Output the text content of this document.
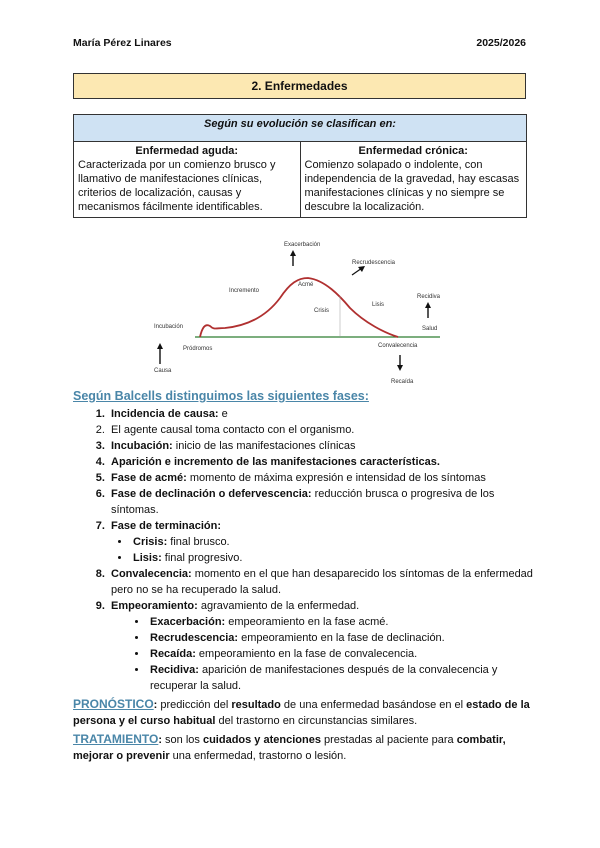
María Pérez Linares	2025/2026
2. Enfermedades
Según su evolución se clasifican en:

Enfermedad aguda:
Caracterizada por un comienzo brusco y llamativo de manifestaciones clínicas, criterios de localización, causas y mecanismos fácilmente identificables.	
Enfermedad crónica:
Comienzo solapado o indolente, con independencia de la gravedad, hay escasas manifestaciones clínicas y no siempre se descubre la localización.
Exacerbación
Recrudescencia
Incremento
Acmé
Crisis
Lisis
Recidiva
Salud
Incubación
Pródromos	Convalecencia
Causa
Recaída
Según Balcells distinguimos las siguientes fases:
1. Incidencia de causa: e
2. El agente causal toma contacto con el organismo.
3. Incubación: inicio de las manifestaciones clínicas
4. Aparición e incremento de las manifestaciones características.
5. Fase de acmé: momento de máxima expresión e intensidad de los síntomas
6. Fase de declinación o defervescencia: reducción brusca o progresiva de los síntomas.
7. Fase de terminación:
• Crisis: final brusco.
• Lisis: final progresivo.
8. Convalecencia: momento en el que han desaparecido los síntomas de la enfermedad pero no se ha recuperado la salud.
9. Empeoramiento: agravamiento de la enfermedad.
• Exacerbación: empeoramiento en la fase acmé.
• Recrudescencia: empeoramiento en la fase de declinación.
• Recaída: empeoramiento en la fase de convalecencia.
• Recidiva: aparición de manifestaciones después de la convalecencia y recuperar la salud.
PRONÓSTICO: predicción del resultado de una enfermedad basándose en el estado de la persona y el curso habitual del trastorno en circunstancias similares.
TRATAMIENTO: son los cuidados y atenciones prestadas al paciente para combatir, mejorar o prevenir una enfermedad, trastorno o lesión.
